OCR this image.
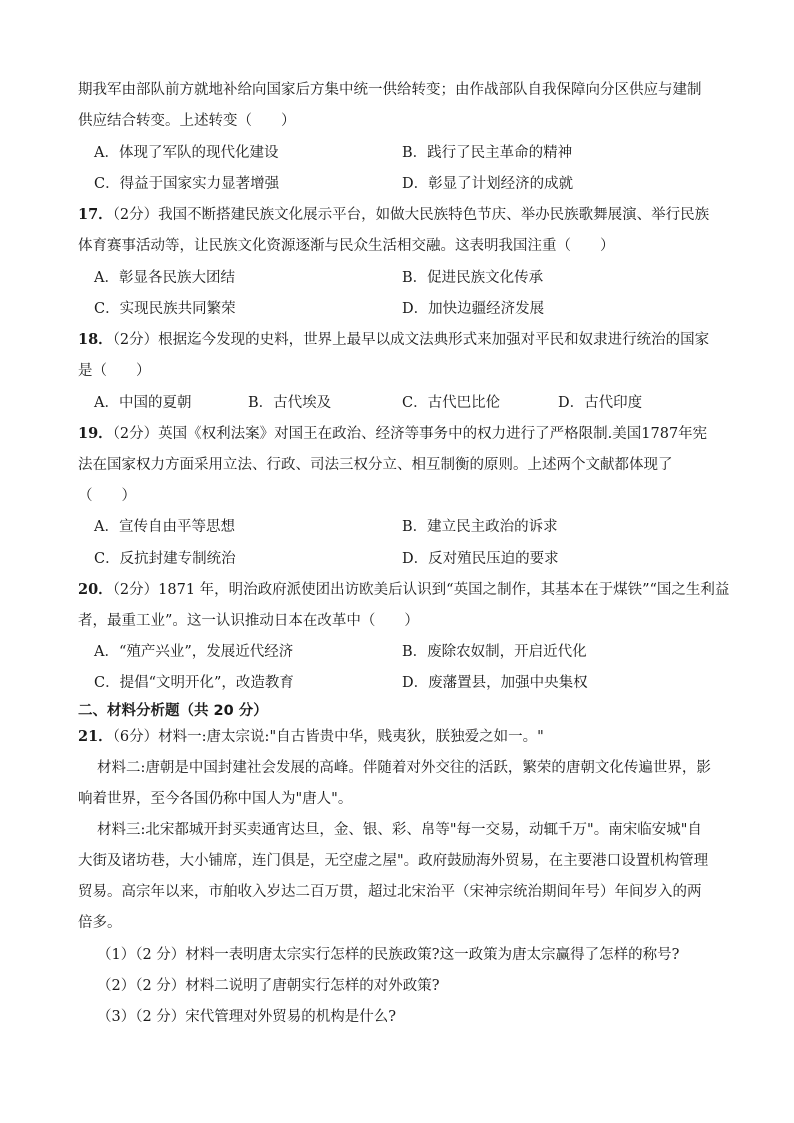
期我军由部队前方就地补给向国家后方集中统一供给转变；由作战部队自我保障向分区供应与建制
供应结合转变。上述转变（　　）
A．体现了军队的现代化建设	B．践行了民主革命的精神
C．得益于国家实力显著增强	D．彰显了计划经济的成就
17．（2分）我国不断搭建民族文化展示平台，如做大民族特色节庆、举办民族歌舞展演、举行民族
体育赛事活动等，让民族文化资源逐渐与民众生活相交融。这表明我国注重（　　）
A．彰显各民族大团结	B．促进民族文化传承
C．实现民族共同繁荣	D．加快边疆经济发展
18．（2分）根据迄今发现的史料，世界上最早以成文法典形式来加强对平民和奴隶进行统治的国家
是（　　）
A．中国的夏朝	B．古代埃及	C．古代巴比伦	D．古代印度
19．（2分）英国《权利法案》对国王在政治、经济等事务中的权力进行了严格限制.美国1787年宪
法在国家权力方面采用立法、行政、司法三权分立、相互制衡的原则。上述两个文献都体现了
（　　）
A．宣传自由平等思想	B．建立民主政治的诉求
C．反抗封建专制统治	D．反对殖民压迫的要求
20．（2分）1871 年，明治政府派使团出访欧美后认识到“英国之制作，其基本在于煤铁”“国之生利益
者，最重工业”。这一认识推动日本在改革中（　　）
A．“殖产兴业”，发展近代经济	B．废除农奴制，开启近代化
C．提倡“文明开化”，改造教育	D．废藩置县，加强中央集权
二、材料分析题（共 20 分）
21．（6分）材料一:唐太宗说:"自古皆贵中华，贱夷狄，朕独爱之如一。"
材料二:唐朝是中国封建社会发展的高峰。伴随着对外交往的活跃，繁荣的唐朝文化传遍世界，影
响着世界，至今各国仍称中国人为"唐人"。
材料三:北宋都城开封买卖通宵达旦，金、银、彩、帛等"每一交易，动辄千万"。南宋临安城"自
大街及诸坊巷，大小铺席，连门俱是，无空虚之屋"。政府鼓励海外贸易，在主要港口设置机构管理
贸易。高宗年以来，市舶收入岁达二百万贯，超过北宋治平（宋神宗统治期间年号）年间岁入的两
倍多。
（1）（2 分）材料一表明唐太宗实行怎样的民族政策?这一政策为唐太宗赢得了怎样的称号?
（2）（2 分）材料二说明了唐朝实行怎样的对外政策?
（3）（2 分）宋代管理对外贸易的机构是什么?
